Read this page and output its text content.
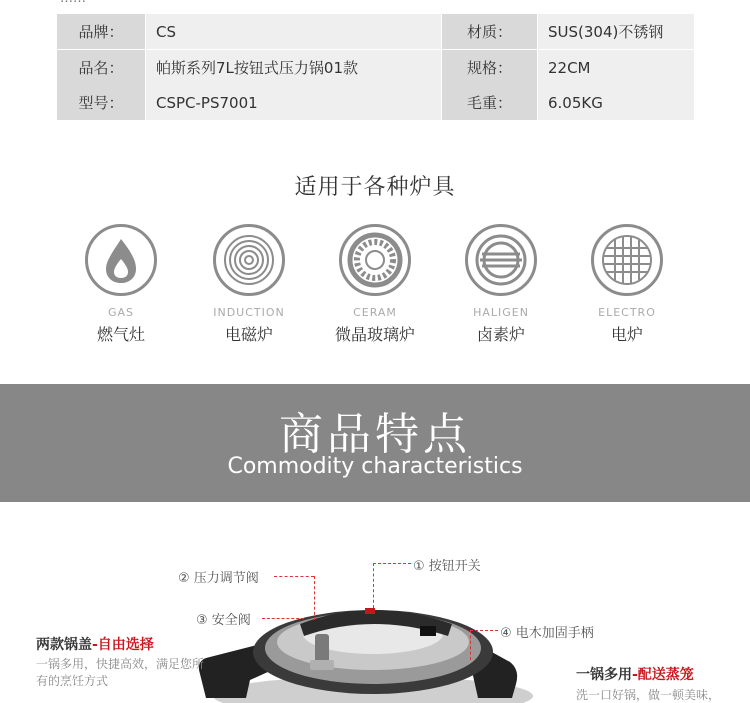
品牌：	CS	材质：	SUS(304)不锈钢
品名：	帕斯系列7L按钮式压力锅01款	规格：	22CM
型号：	CSPC-PS7001	毛重：	6.05KG
适用于各种炉具
GAS
燃气灶
INDUCTION
电磁炉
CERAM
微晶玻璃炉
HALIGEN
卤素炉
ELECTRO
电炉
商品特点
Commodity characteristics
① 按钮开关
② 压力调节阀
③ 安全阀
④ 电木加固手柄
两款锅盖-自由选择
一锅多用，快捷高效，满足您所有的烹饪方式	一锅多用-配送蒸笼
洗一口好锅，做一顿美味，
